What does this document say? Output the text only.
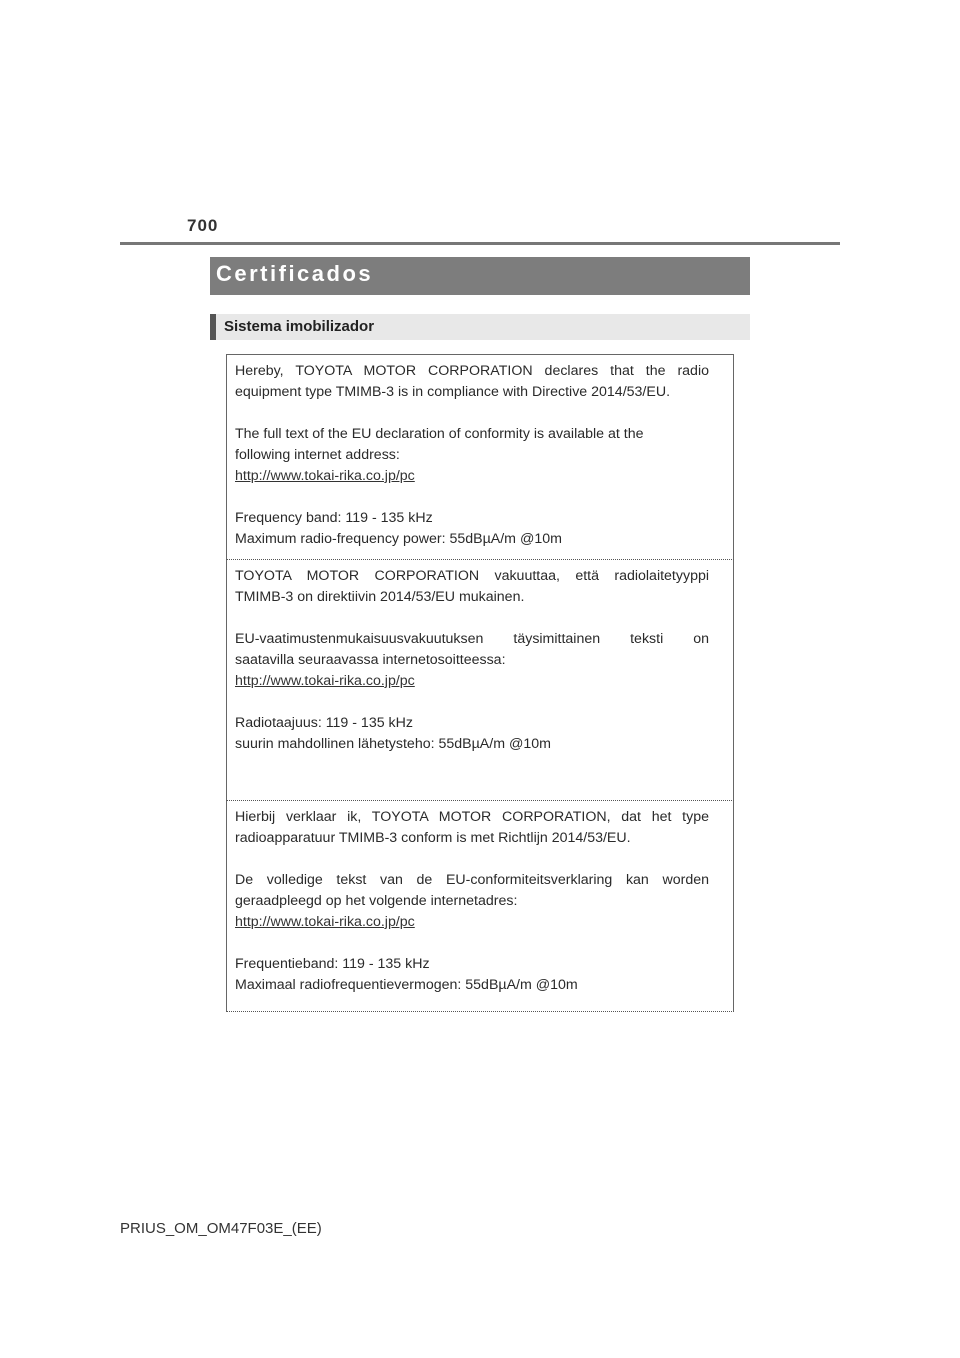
700
Certificados
Sistema imobilizador

Hereby, TOYOTA MOTOR CORPORATION declares that the radio
equipment type TMIMB-3 is in compliance with Directive 2014/53/EU.

The full text of the EU declaration of conformity is available at the
following internet address:
http://www.tokai-rika.co.jp/pc

Frequency band: 119 - 135 kHz
Maximum radio-frequency power: 55dBµA/m @10m

TOYOTA MOTOR CORPORATION vakuuttaa, että radiolaitetyyppi
TMIMB-3 on direktiivin 2014/53/EU mukainen.

EU-vaatimustenmukaisuusvakuutuksen täysimittainen teksti on
saatavilla seuraavassa internetosoitteessa:
http://www.tokai-rika.co.jp/pc

Radiotaajuus: 119 - 135 kHz
suurin mahdollinen lähetysteho: 55dBµA/m @10m

Hierbij verklaar ik, TOYOTA MOTOR CORPORATION, dat het type
radioapparatuur TMIMB-3 conform is met Richtlijn 2014/53/EU.

De volledige tekst van de EU-conformiteitsverklaring kan worden
geraadpleegd op het volgende internetadres:
http://www.tokai-rika.co.jp/pc

Frequentieband: 119 - 135 kHz
Maximaal radiofrequentievermogen: 55dBµA/m @10m

PRIUS_OM_OM47F03E_(EE)
